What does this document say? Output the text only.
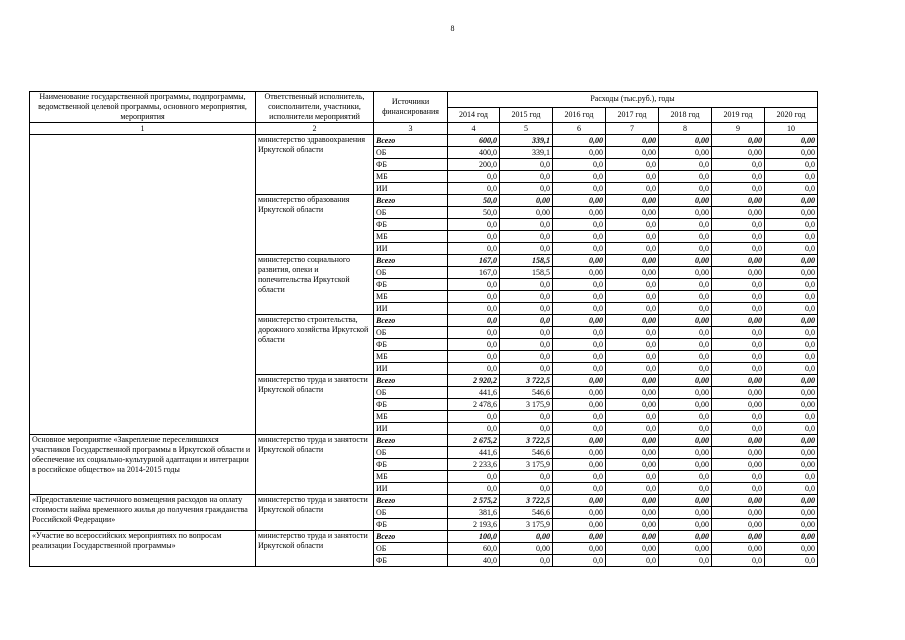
8
Наименование государственной программы, подпрограммы, ведомственной целевой программы, основного мероприятия, мероприятия	Ответственный исполнитель, соисполнители, участники, исполнители мероприятий	Источники финансирования	Расходы (тыс.руб.), годы						
			2014 год	2015 год	2016 год	2017 год	2018 год	2019 год	2020 год
1	2	3	4	5	6	7	8	9	10
	министерство здравоохранения Иркутской области	Всего	600,0	339,1	0,00	0,00	0,00	0,00	0,00
		ОБ	400,0	339,1	0,00	0,00	0,00	0,00	0,00
		ФБ	200,0	0,0	0,0	0,0	0,0	0,0	0,0
		МБ	0,0	0,0	0,0	0,0	0,0	0,0	0,0
		ИИ	0,0	0,0	0,0	0,0	0,0	0,0	0,0
	министерство образования Иркутской области	Всего	50,0	0,00	0,00	0,00	0,00	0,00	0,00
		ОБ	50,0	0,00	0,00	0,00	0,00	0,00	0,00
		ФБ	0,0	0,0	0,0	0,0	0,0	0,0	0,0
		МБ	0,0	0,0	0,0	0,0	0,0	0,0	0,0
		ИИ	0,0	0,0	0,0	0,0	0,0	0,0	0,0
	министерство социального развития, опеки и попечительства Иркутской области	Всего	167,0	158,5	0,00	0,00	0,00	0,00	0,00
		ОБ	167,0	158,5	0,00	0,00	0,00	0,00	0,00
		ФБ	0,0	0,0	0,0	0,0	0,0	0,0	0,0
		МБ	0,0	0,0	0,0	0,0	0,0	0,0	0,0
		ИИ	0,0	0,0	0,0	0,0	0,0	0,0	0,0
	министерство строительства, дорожного хозяйства Иркутской области	Всего	0,0	0,0	0,00	0,00	0,00	0,00	0,00
		ОБ	0,0	0,0	0,0	0,0	0,0	0,0	0,0
		ФБ	0,0	0,0	0,0	0,0	0,0	0,0	0,0
		МБ	0,0	0,0	0,0	0,0	0,0	0,0	0,0
		ИИ	0,0	0,0	0,0	0,0	0,0	0,0	0,0
	министерство труда и занятости Иркутской области	Всего	2 920,2	3 722,5	0,00	0,00	0,00	0,00	0,00
		ОБ	441,6	546,6	0,00	0,00	0,00	0,00	0,00
		ФБ	2 478,6	3 175,9	0,00	0,00	0,00	0,00	0,00
		МБ	0,0	0,0	0,0	0,0	0,0	0,0	0,0
		ИИ	0,0	0,0	0,0	0,0	0,0	0,0	0,0
Основное мероприятие «Закрепление переселившихся участников Государственной программы в Иркутской области и обеспечение их социально-культурной адаптации и интеграции в российское общество» на 2014-2015 годы	министерство труда и занятости Иркутской области	Всего	2 675,2	3 722,5	0,00	0,00	0,00	0,00	0,00
		ОБ	441,6	546,6	0,00	0,00	0,00	0,00	0,00
		ФБ	2 233,6	3 175,9	0,00	0,00	0,00	0,00	0,00
		МБ	0,0	0,0	0,0	0,0	0,0	0,0	0,0
		ИИ	0,0	0,0	0,0	0,0	0,0	0,0	0,0
«Предоставление частичного возмещения расходов на оплату стоимости найма временного жилья до получения гражданства Российской Федерации»	министерство труда и занятости Иркутской области	Всего	2 575,2	3 722,5	0,00	0,00	0,00	0,00	0,00
		ОБ	381,6	546,6	0,00	0,00	0,00	0,00	0,00
		ФБ	2 193,6	3 175,9	0,00	0,00	0,00	0,00	0,00
«Участие во всероссийских мероприятиях по вопросам реализации Государственной программы»	министерство труда и занятости Иркутской области	Всего	100,0	0,00	0,00	0,00	0,00	0,00	0,00
		ОБ	60,0	0,00	0,00	0,00	0,00	0,00	0,00
		ФБ	40,0	0,0	0,0	0,0	0,0	0,0	0,0
